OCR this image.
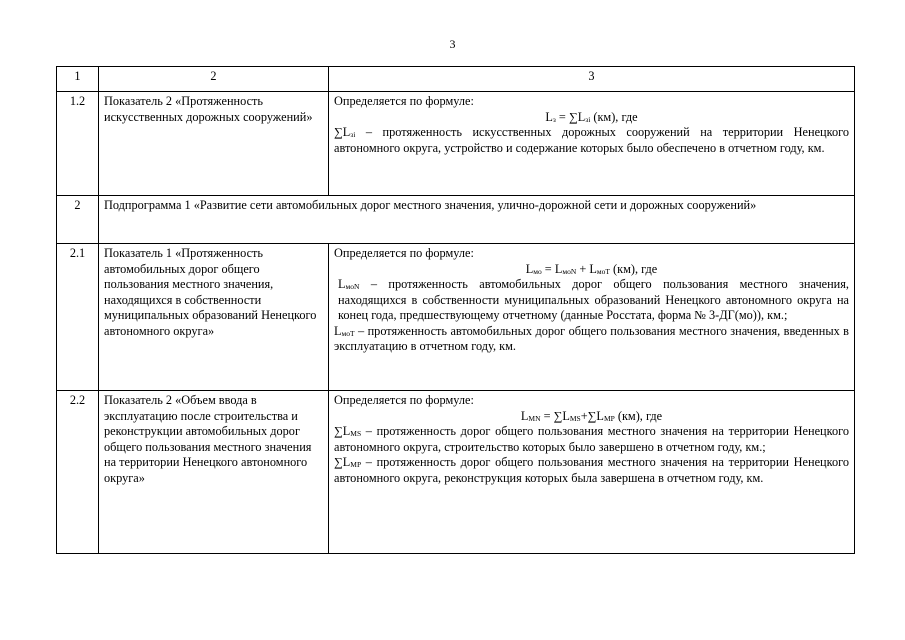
3
1	2	3
1.2	Показатель 2 «Протяженность искусственных дорожных сооружений»	Определяется по формуле:
$L_з = \sum L_{зi}$ (км), где
$\sum L_{зi}$ – протяженность искусственных дорожных сооружений на территории Ненецкого автономного округа, устройство и содержание которых было обеспечено в отчетном году, км.

2	Подпрограмма 1 «Развитие сети автомобильных дорог местного значения, улично-дорожной сети и дорожных сооружений»	
2.1	Показатель 1 «Протяженность автомобильных дорог общего пользования местного значения, находящихся в собственности муниципальных образований Ненецкого автономного округа»	Определяется по формуле:
$L_{мо} = L_{моN} + L_{моТ}$ (км), где
$L_{моN}$ – протяженность автомобильных дорог общего пользования местного значения, находящихся в собственности муниципальных образований Ненецкого автономного округа на конец года, предшествующему отчетному (данные Росстата, форма № 3-ДГ(мо)), км.;
$L_{моТ}$ – протяженность автомобильных дорог общего пользования местного значения, введенных в эксплуатацию в отчетном году, км.

2.2	Показатель 2 «Объем ввода в эксплуатацию после строительства и реконструкции автомобильных дорог общего пользования местного значения на территории Ненецкого автономного округа»	Определяется по формуле:
$L_{MN} = \sum L_{MS}+\sum L_{MP}$ (км), где
$\sum L_{MS}$ – протяженность дорог общего пользования местного значения на территории Ненецкого автономного округа, строительство которых было завершено в отчетном году, км.;
$\sum L_{MP}$ – протяженность дорог общего пользования местного значения на территории Ненецкого автономного округа, реконструкция которых была завершена в отчетном году, км.
